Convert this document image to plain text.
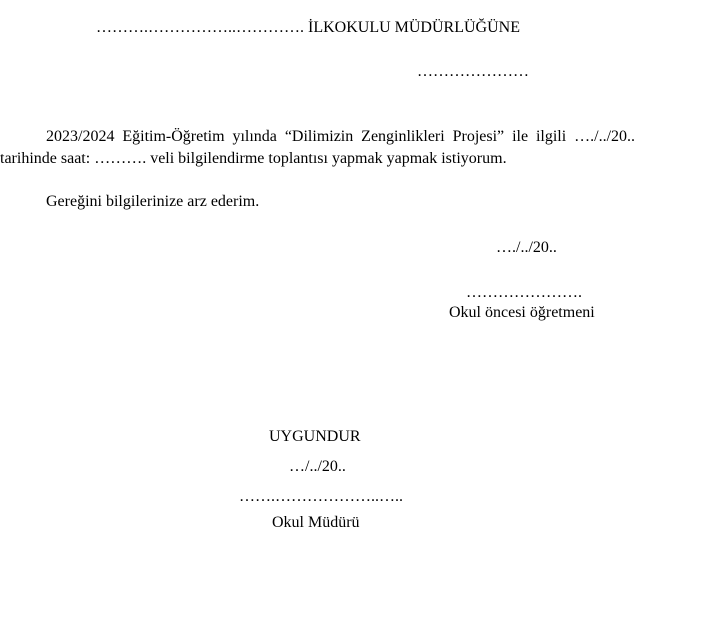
……….……………..…………. İLKOKULU MÜDÜRLÜĞÜNE
…………………
2023/2024 Eğitim-Öğretim yılında “Dilimizin Zenginlikleri Projesi” ile ilgili …./../20.. tarihinde saat: ………. veli bilgilendirme toplantısı yapmak yapmak istiyorum.
Gereğini bilgilerinize arz ederim.
…./../20..
………………….
Okul öncesi öğretmeni
UYGUNDUR
…/../20..
…….………………..…..
Okul Müdürü
